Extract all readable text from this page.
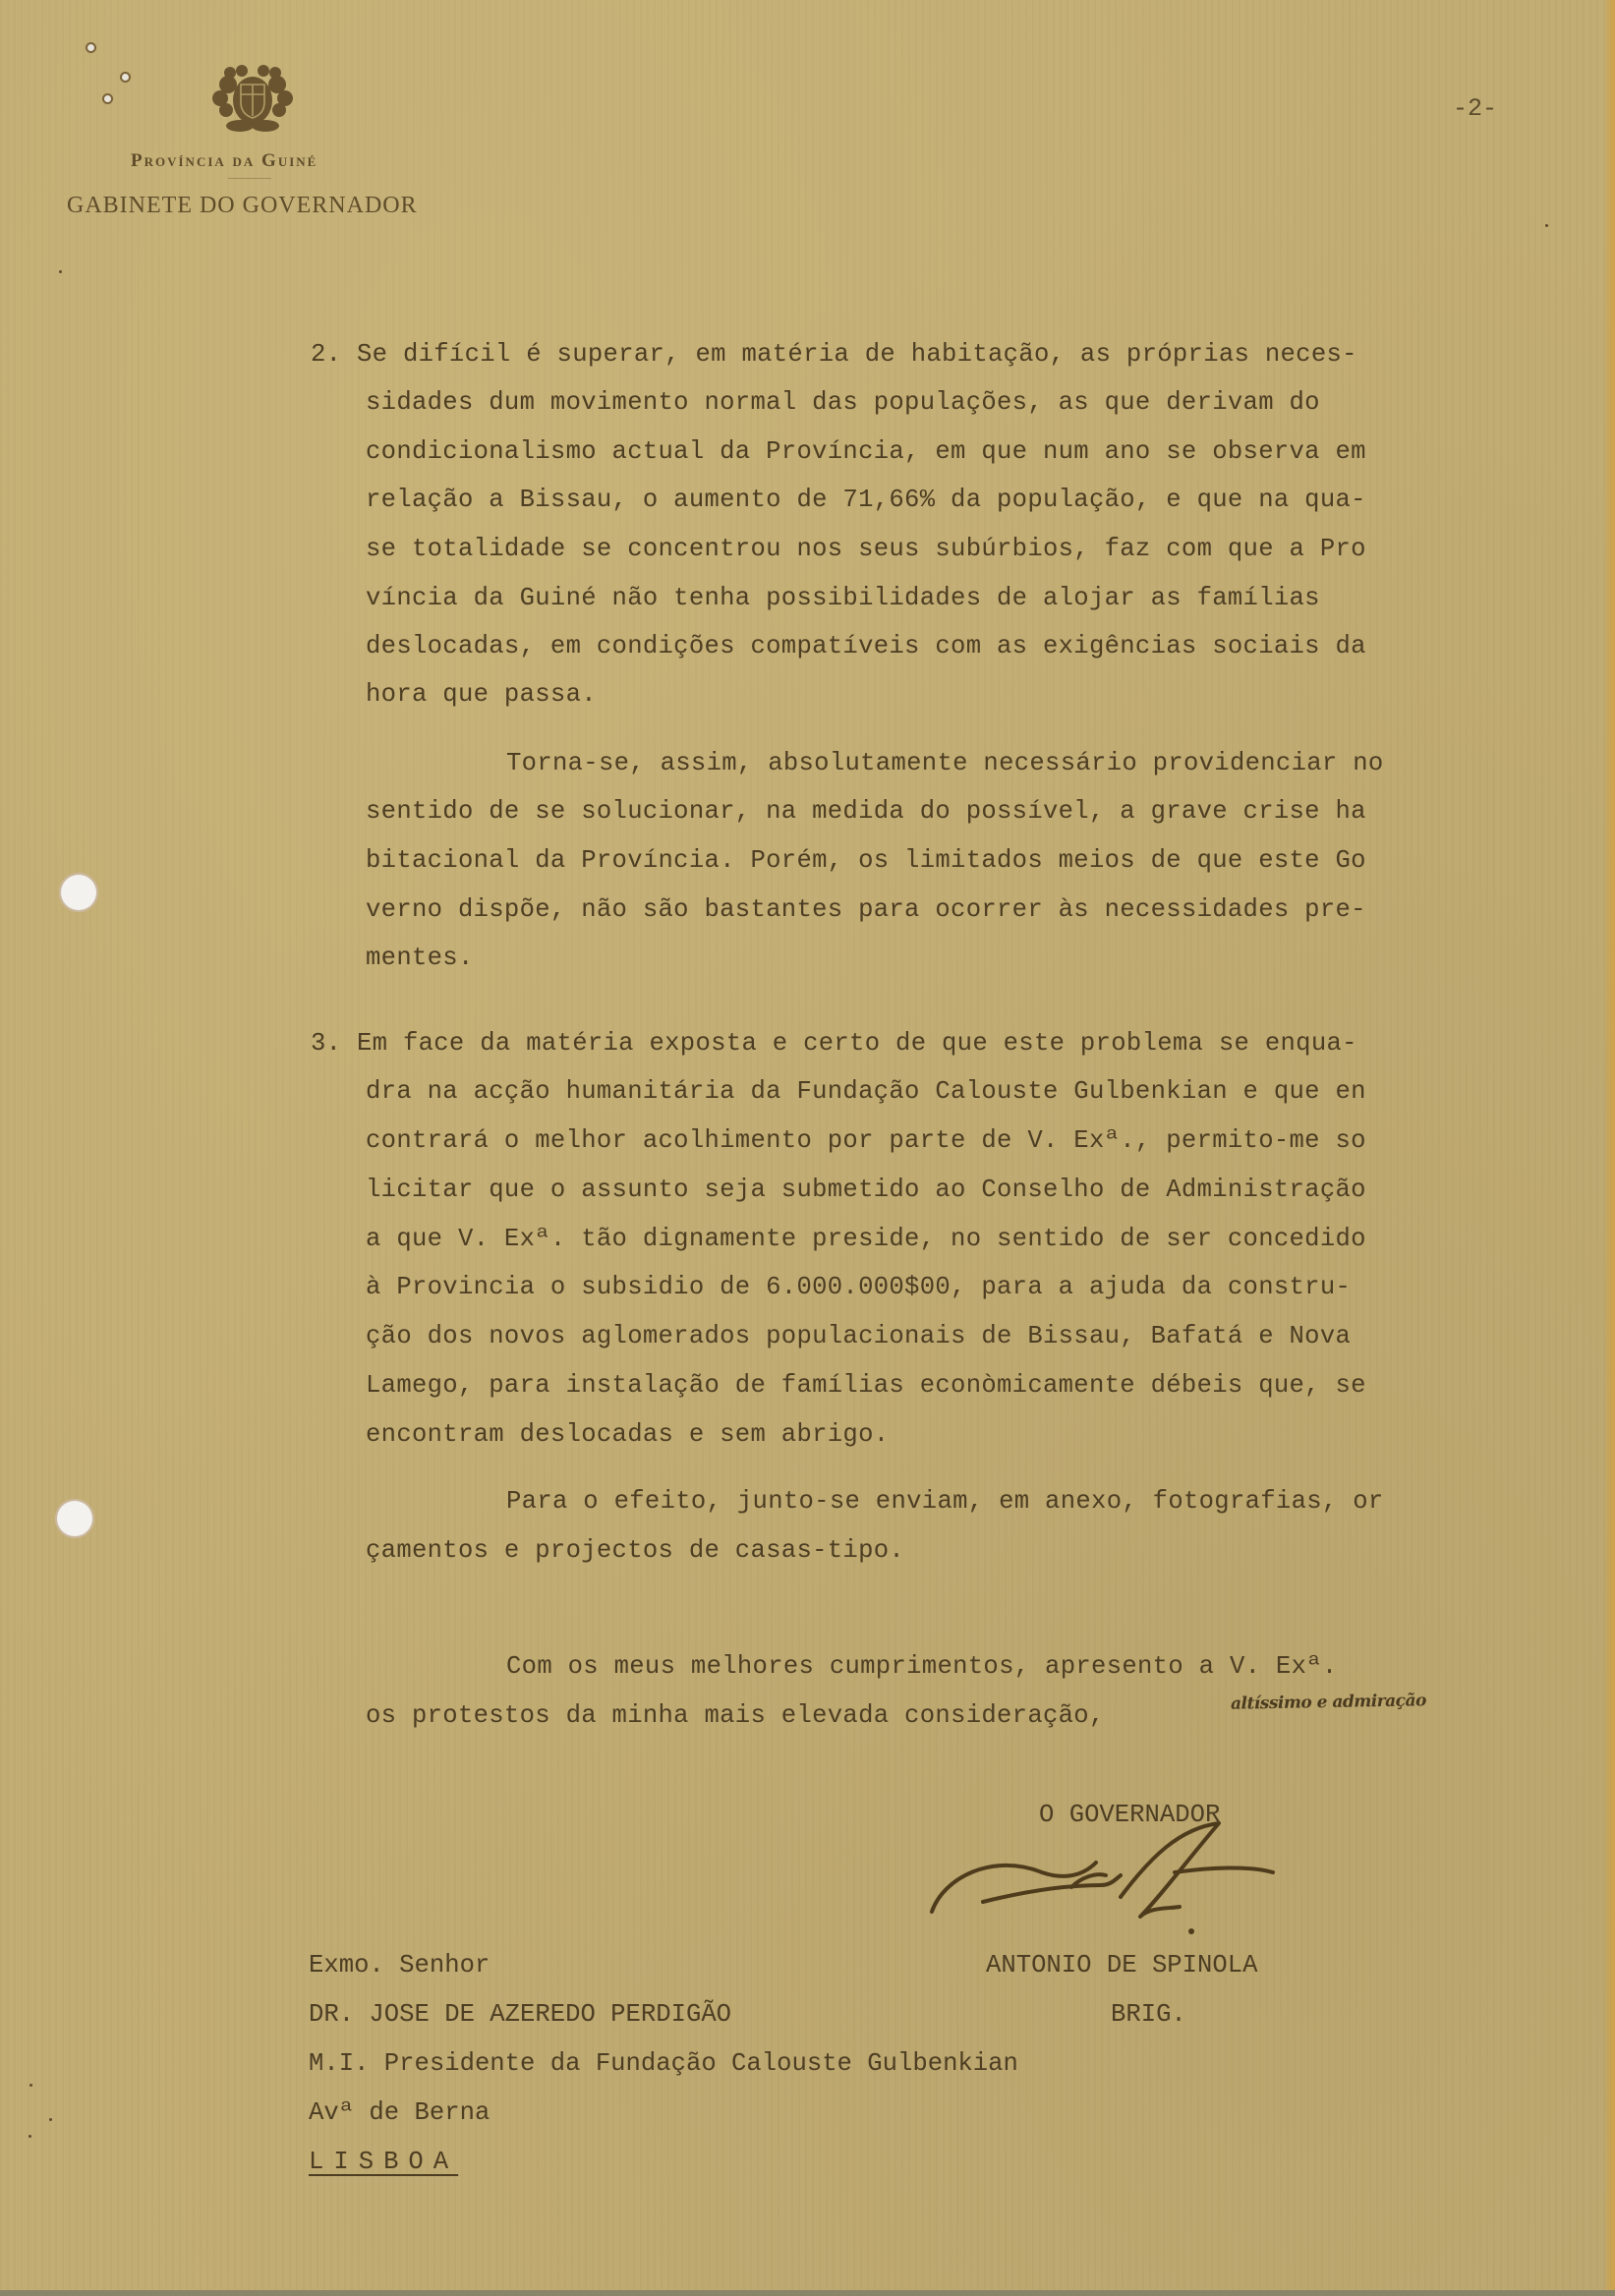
Província da Guiné
GABINETE DO GOVERNADOR
-2-
2. Se difícil é superar, em matéria de habitação, as próprias neces-
sidades dum movimento normal das populações, as que derivam do
condicionalismo actual da Província, em que num ano se observa em
relação a Bissau, o aumento de 71,66% da população, e que na qua-
se totalidade se concentrou nos seus subúrbios, faz com que a Pro
víncia da Guiné não tenha possibilidades de alojar as famílias
deslocadas, em condições compatíveis com as exigências sociais da
hora que passa.
Torna-se, assim, absolutamente necessário providenciar no
sentido de se solucionar, na medida do possível, a grave crise ha
bitacional da Província. Porém, os limitados meios de que este Go
verno dispõe, não são bastantes para ocorrer às necessidades pre-
mentes.
3. Em face da matéria exposta e certo de que este problema se enqua-
dra na acção humanitária da Fundação Calouste Gulbenkian e que en
contrará o melhor acolhimento por parte de V. Exª., permito-me so
licitar que o assunto seja submetido ao Conselho de Administração
a que V. Exª. tão dignamente preside, no sentido de ser concedido
à Provincia o subsidio de 6.000.000$00, para a ajuda da constru-
ção dos novos aglomerados populacionais de Bissau, Bafatá e Nova
Lamego, para instalação de famílias econòmicamente débeis que, se
encontram deslocadas e sem abrigo.
Para o efeito, junto-se enviam, em anexo, fotografias, or
çamentos e projectos de casas-tipo.
Com os meus melhores cumprimentos, apresento a V. Exª.
os protestos da minha mais elevada consideração,	altíssimo e admiração
O GOVERNADOR
ANTONIO DE SPINOLA
BRIG.
Exmo. Senhor
DR. JOSE DE AZEREDO PERDIGÃO
M.I. Presidente da Fundação Calouste Gulbenkian
Avª de Berna
LISBOA
